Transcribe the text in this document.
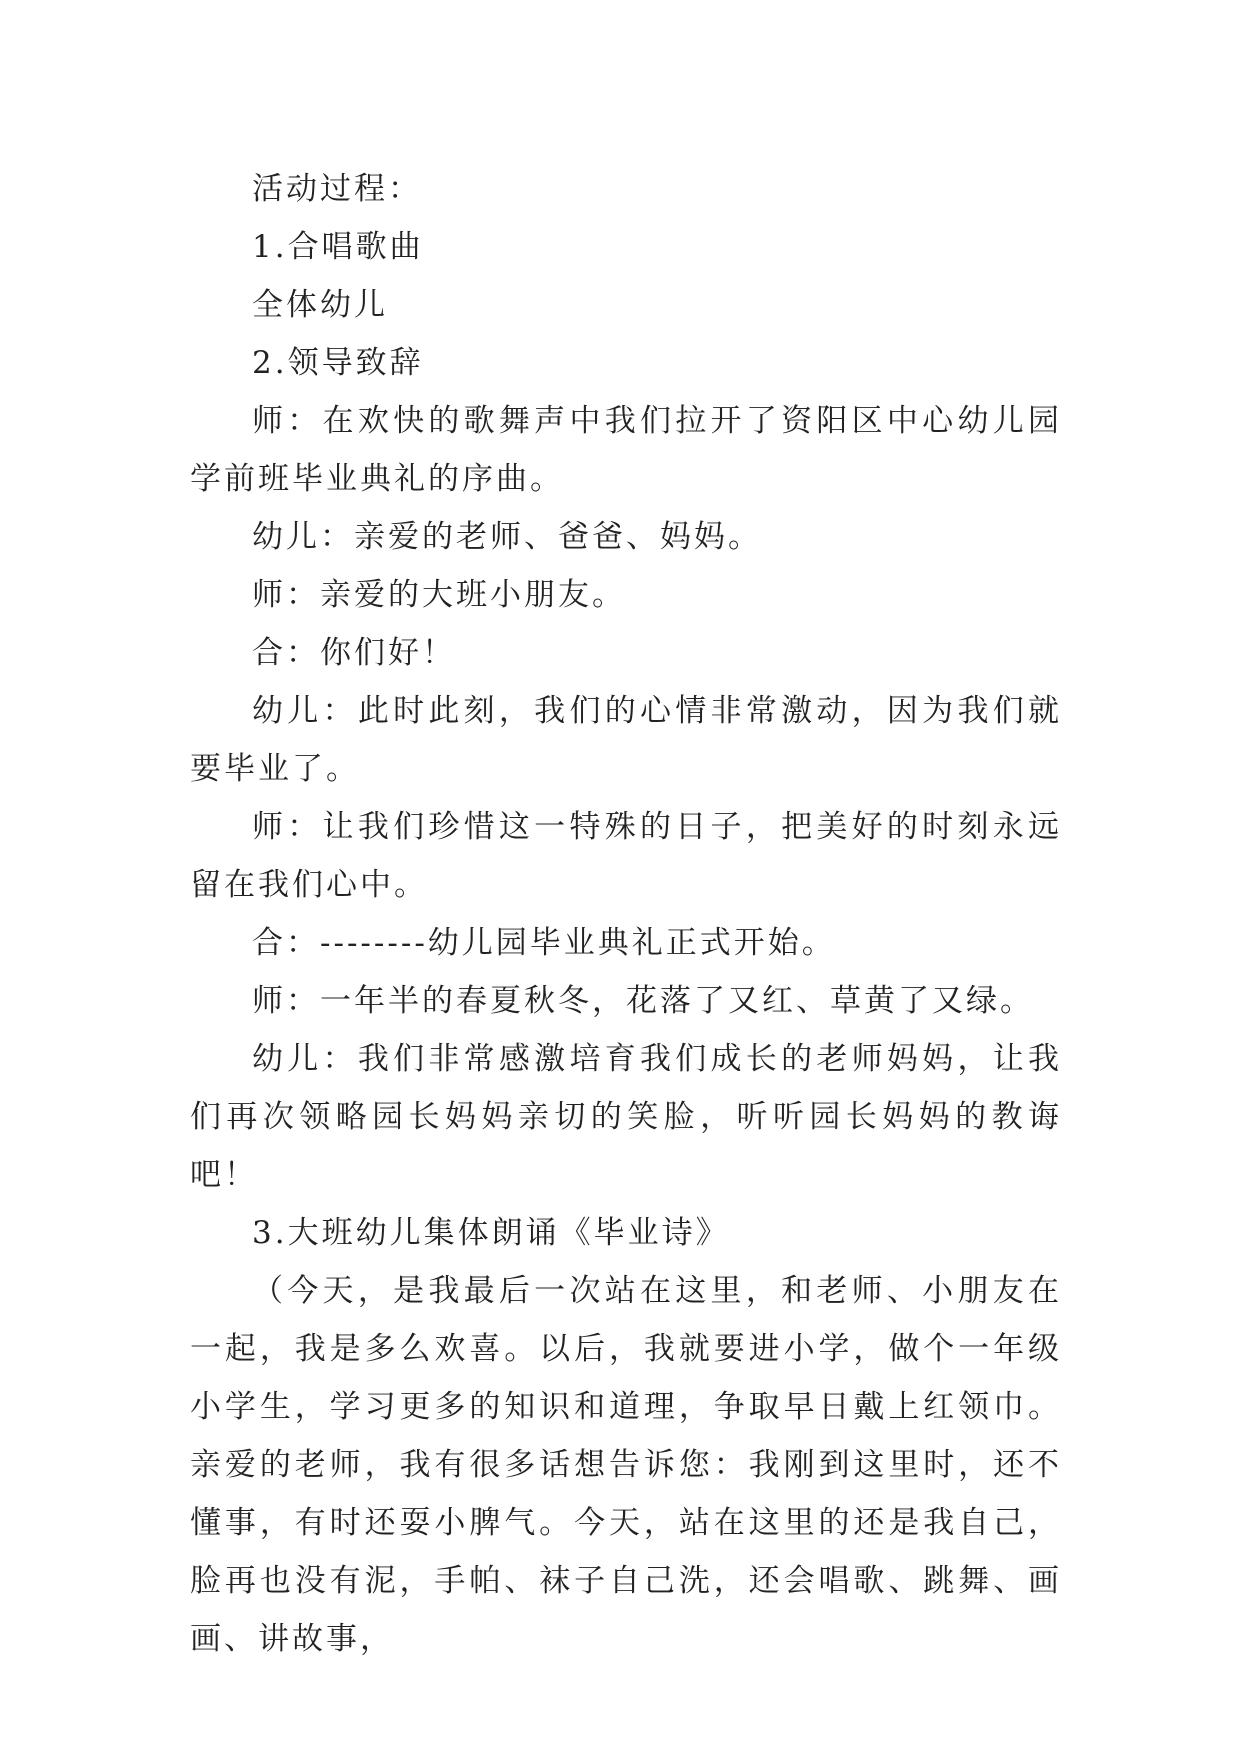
活动过程：

1.合唱歌曲

全体幼儿

2.领导致辞

师：在欢快的歌舞声中我们拉开了资阳区中心幼儿园学前班毕业典礼的序曲。

幼儿：亲爱的老师、爸爸、妈妈。

师：亲爱的大班小朋友。

合：你们好！

幼儿：此时此刻，我们的心情非常激动，因为我们就要毕业了。

师：让我们珍惜这一特殊的日子，把美好的时刻永远留在我们心中。

合：--------幼儿园毕业典礼正式开始。

师：一年半的春夏秋冬，花落了又红、草黄了又绿。

幼儿：我们非常感激培育我们成长的老师妈妈，让我们再次领略园长妈妈亲切的笑脸，听听园长妈妈的教诲吧！

3.大班幼儿集体朗诵《毕业诗》

（今天，是我最后一次站在这里，和老师、小朋友在一起，我是多么欢喜。以后，我就要进小学，做个一年级小学生，学习更多的知识和道理，争取早日戴上红领巾。亲爱的老师，我有很多话想告诉您：我刚到这里时，还不懂事，有时还耍小脾气。今天，站在这里的还是我自己，脸再也没有泥，手帕、袜子自己洗，还会唱歌、跳舞、画画、讲故事，
